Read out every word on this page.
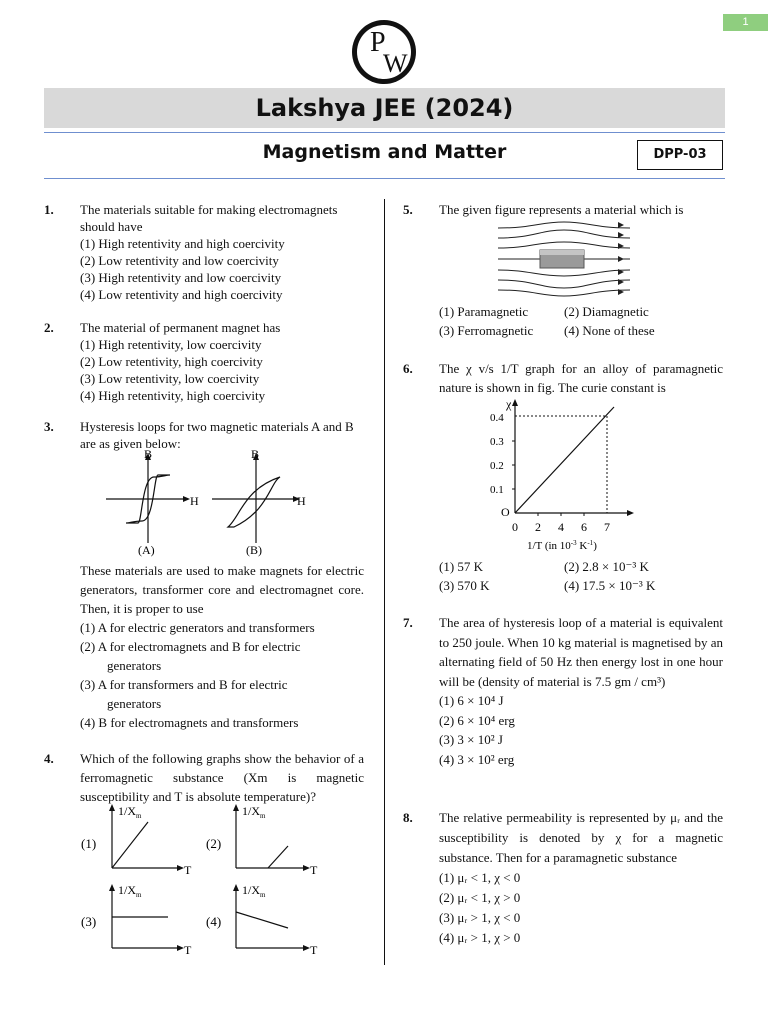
1
P
W
Lakshya JEE (2024)
Magnetism and Matter	DPP-03
1. The materials suitable for making electromagnets should have
(1) High retentivity and high coercivity
(2) Low retentivity and low coercivity
(3) High retentivity and low coercivity
(4) Low retentivity and high coercivity
2. The material of permanent magnet has
(1) High retentivity, low coercivity
(2) Low retentivity, high coercivity
(3) Low retentivity, low coercivity
(4) High retentivity, high coercivity
3. Hysteresis loops for two magnetic materials A and B are as given below:
B
H
(A)
B
H
(B)
These materials are used to make magnets for electric generators, transformer core and electromagnet core. Then, it is proper to use
(1) A for electric generators and transformers
(2) A for electromagnets and B for electric
generators
(3) A for transformers and B for electric
generators
(4) B for electromagnets and transformers
4. Which of the following graphs show the behavior of a ferromagnetic substance (Xm is magnetic susceptibility and T is absolute temperature)?
(1)
$1/X_m$
T
(2)
$1/X_m$
T
(3)
$1/X_m$
T
(4)
$1/X_m$
T
5. The given figure represents a material which is
(1) Paramagnetic	(2) Diamagnetic
(3) Ferromagnetic (4) None of these
6. The χ v/s 1/T graph for an alloy of paramagnetic nature is shown in fig. The curie constant is
χ
0.4
0.3
0.2
0.1
O
0 2 4 6 7
1/T (in $10^{-3}$ $K^{-1}$)
(1) 57 K	(2) 2.8 × 10⁻³ K
(3) 570 K	(4) 17.5 × 10⁻³ K
7. The area of hysteresis loop of a material is equivalent to 250 joule. When 10 kg material is magnetised by an alternating field of 50 Hz then energy lost in one hour will be (density of material is 7.5 gm / cm³)
(1) 6 × 10⁴ J
(2) 6 × 10⁴ erg
(3) 3 × 10² J
(4) 3 × 10² erg
8. The relative permeability is represented by μᵣ and the susceptibility is denoted by χ for a magnetic substance. Then for a paramagnetic substance
(1) μᵣ < 1, χ < 0
(2) μᵣ < 1, χ > 0
(3) μᵣ > 1, χ < 0
(4) μᵣ > 1, χ > 0
